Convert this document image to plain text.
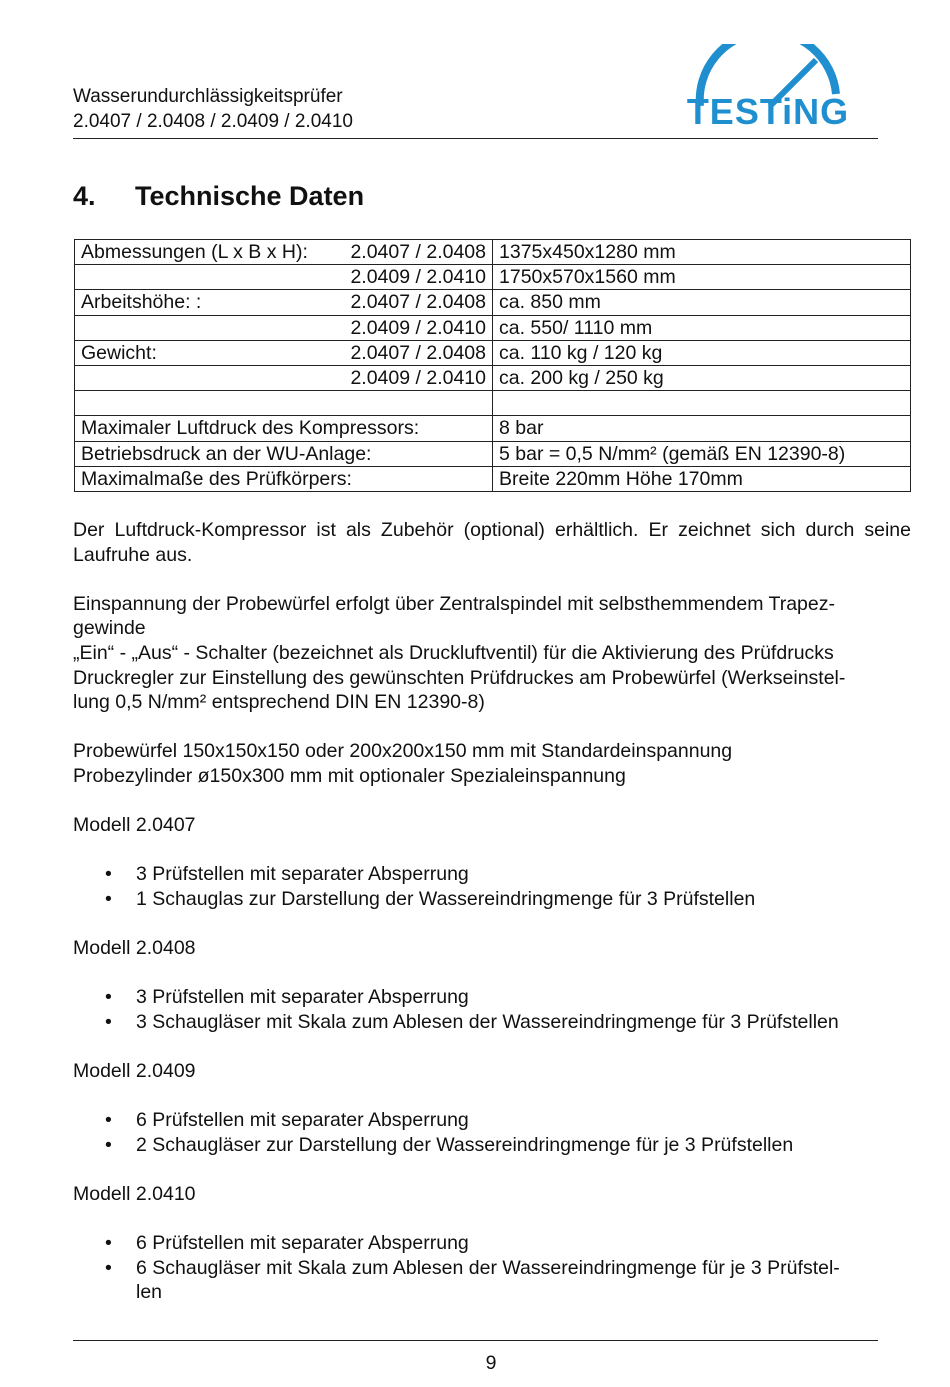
Wasserundurchlässigkeitsprüfer
2.0407 / 2.0408 / 2.0409 / 2.0410	TESTiNG
4. Technische Daten
Abmessungen (L x B x H): 2.0407 / 2.0408	1375x450x1280 mm

2.0409 / 2.0410	1750x570x1560 mm

Arbeitshöhe: : 2.0407 / 2.0408	ca. 850 mm

2.0409 / 2.0410	ca. 550/ 1110 mm

Gewicht: 2.0407 / 2.0408	ca. 110 kg / 120 kg

2.0409 / 2.0410	ca. 200 kg / 250 kg

Maximaler Luftdruck des Kompressors:	8 bar

Betriebsdruck an der WU-Anlage:	5 bar = 0,5 N/mm² (gemäß EN 12390-8)

Maximalmaße des Prüfkörpers:	Breite 220mm Höhe 170mm

Der Luftdruck-Kompressor ist als Zubehör (optional) erhältlich. Er zeichnet sich durch seine Laufruhe aus.

Einspannung der Probewürfel erfolgt über Zentralspindel mit selbsthemmendem Trapez-
gewinde
„Ein“ - „Aus“ - Schalter (bezeichnet als Druckluftventil) für die Aktivierung des Prüfdrucks
Druckregler zur Einstellung des gewünschten Prüfdruckes am Probewürfel (Werkseinstel-
lung 0,5 N/mm² entsprechend DIN EN 12390-8)

Probewürfel 150x150x150 oder 200x200x150 mm mit Standardeinspannung
Probezylinder ø150x300 mm mit optionaler Spezialeinspannung

Modell 2.0407

• 3 Prüfstellen mit separater Absperrung
• 1 Schauglas zur Darstellung der Wassereindringmenge für 3 Prüfstellen

Modell 2.0408

• 3 Prüfstellen mit separater Absperrung
• 3 Schaugläser mit Skala zum Ablesen der Wassereindringmenge für 3 Prüfstellen

Modell 2.0409

• 6 Prüfstellen mit separater Absperrung
• 2 Schaugläser zur Darstellung der Wassereindringmenge für je 3 Prüfstellen

Modell 2.0410

• 6 Prüfstellen mit separater Absperrung
• 6 Schaugläser mit Skala zum Ablesen der Wassereindringmenge für je 3 Prüfstel-
len
9
